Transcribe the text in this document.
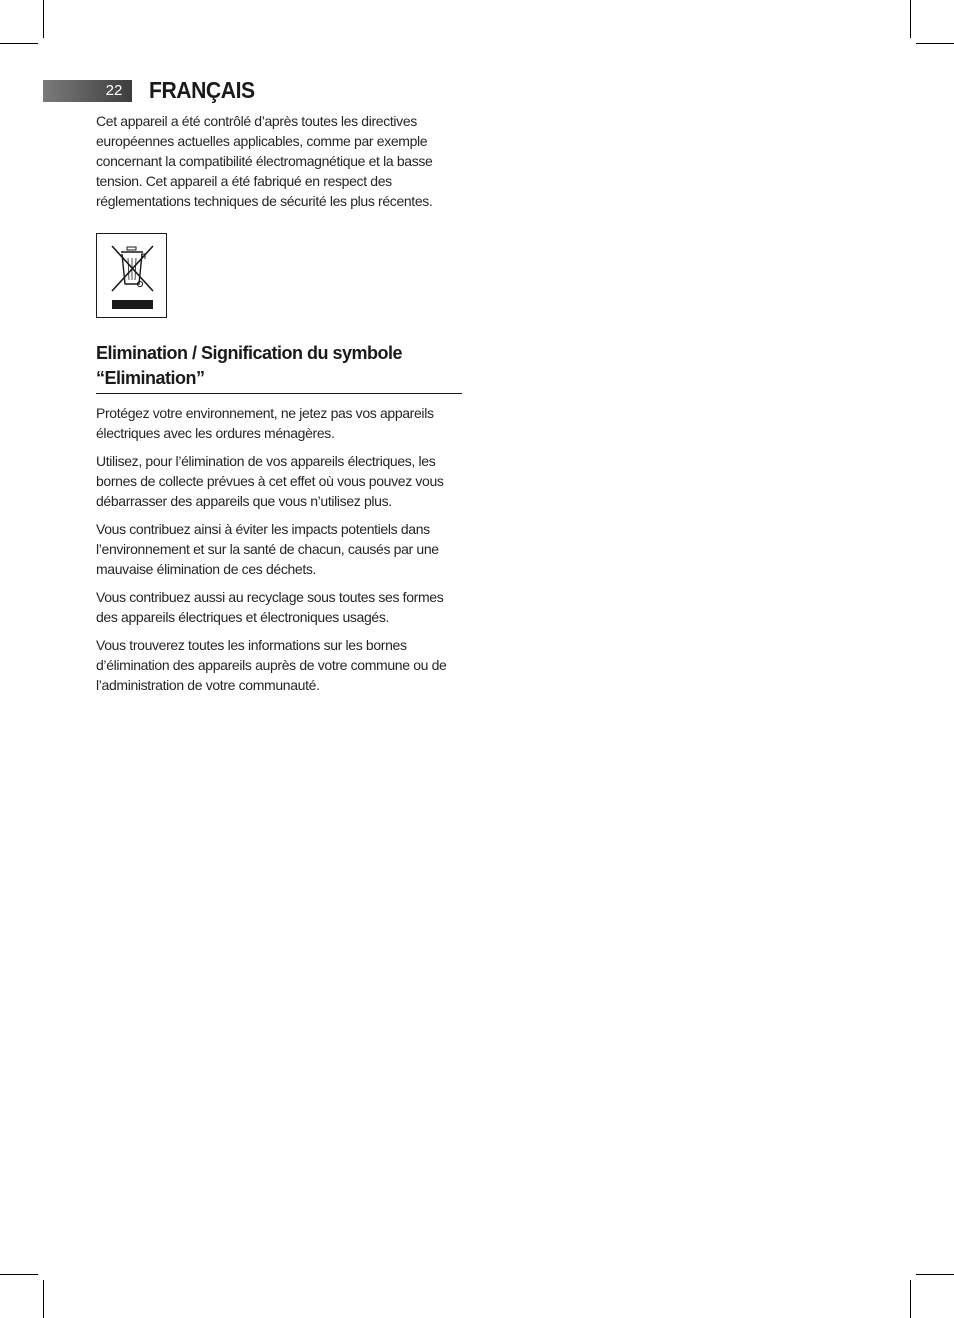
22	FRANÇAIS

Cet appareil a été contrôlé d’après toutes les directives européennes actuelles applicables, comme par exemple concernant la compatibilité électromagnétique et la basse tension. Cet appareil a été fabriqué en respect des réglementations techniques de sécurité les plus récentes.

Elimination / Signification du symbole
“Elimination”

Protégez votre environnement, ne jetez pas vos appareils électriques avec les ordures ménagères.

Utilisez, pour l’élimination de vos appareils électriques, les bornes de collecte prévues à cet effet où vous pouvez vous débarrasser des appareils que vous n’utilisez plus.

Vous contribuez ainsi à éviter les impacts potentiels dans l’environnement et sur la santé de chacun, causés par une mauvaise élimination de ces déchets.

Vous contribuez aussi au recyclage sous toutes ses formes des appareils électriques et électroniques usagés.

Vous trouverez toutes les informations sur les bornes d’élimination des appareils auprès de votre commune ou de l’administration de votre communauté.
